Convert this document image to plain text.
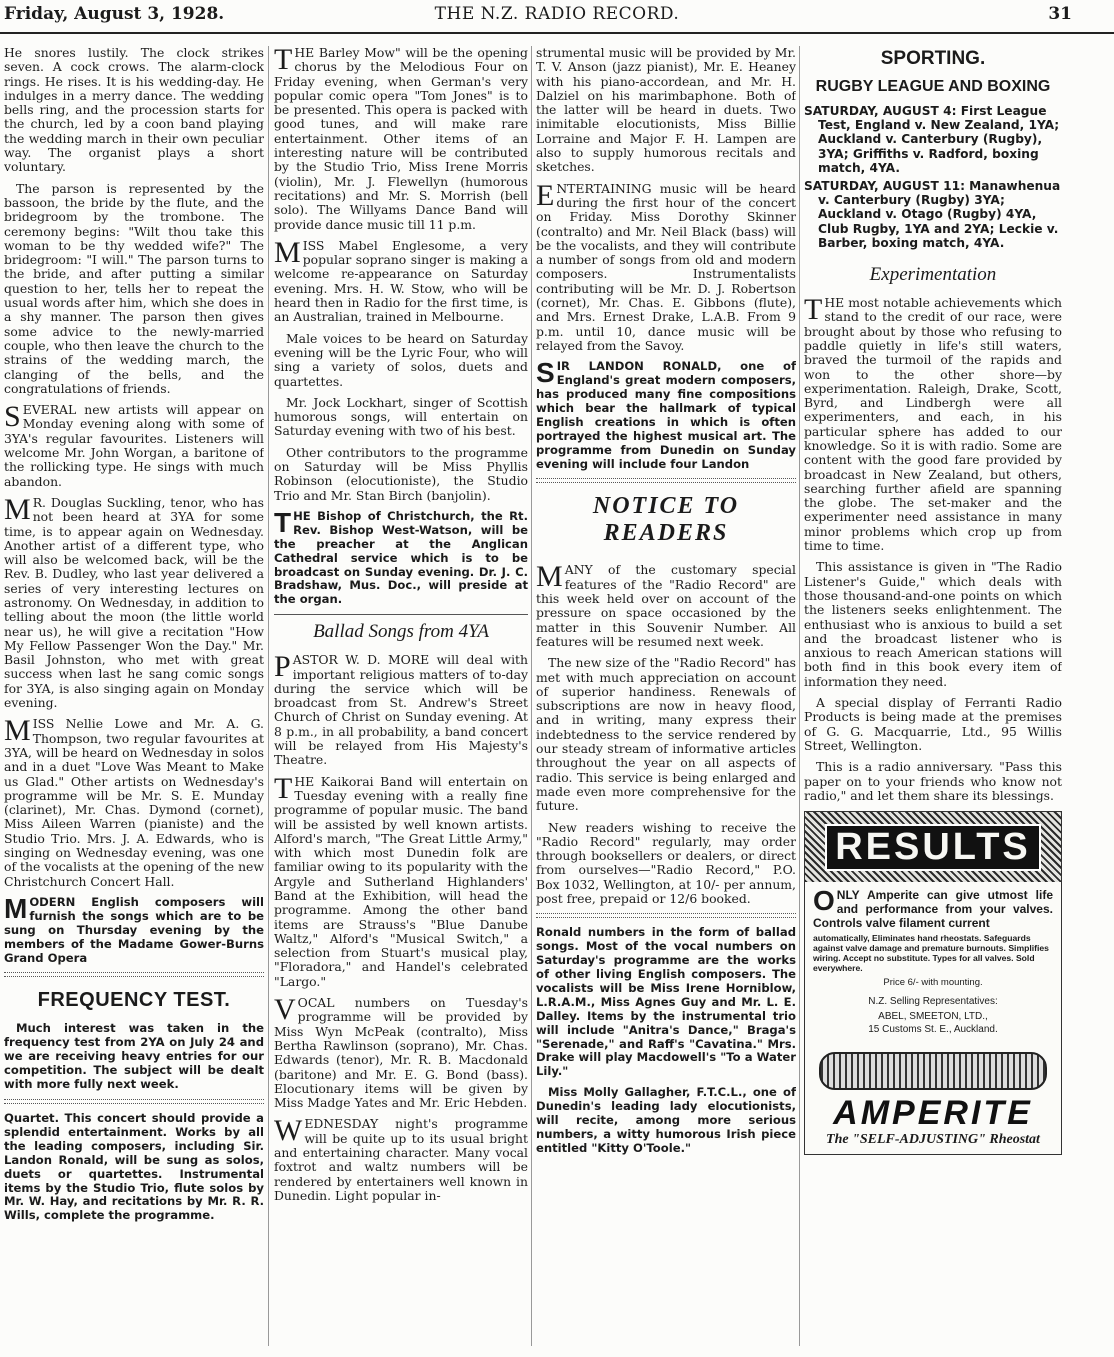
Friday, August 3, 1928.	THE N.Z. RADIO RECORD.	31

He snores lustily. The clock strikes seven. A cock crows. The alarm-clock rings. He rises. It is his wedding-day. He indulges in a merry dance. The wedding bells ring, and the procession starts for the church, led by a coon band playing the wedding march in their own peculiar way. The organist plays a short voluntary.

The parson is represented by the bassoon, the bride by the flute, and the bridegroom by the trombone. The ceremony begins: "Wilt thou take this woman to be thy wedded wife?" The bridegroom: "I will." The parson turns to the bride, and after putting a similar question to her, tells her to repeat the usual words after him, which she does in a shy manner. The parson then gives some advice to the newly-married couple, who then leave the church to the strains of the wedding march, the clanging of the bells, and the congratulations of friends.

SEVERAL new artists will appear on Monday evening along with some of 3YA's regular favourites. Listeners will welcome Mr. John Worgan, a baritone of the rollicking type. He sings with much abandon.

M R. Douglas Suckling, tenor, who has not been heard at 3YA for some time, is to appear again on Wednesday. Another artist of a different type, who will also be welcomed back, will be the Rev. B. Dudley, who last year delivered a series of very interesting lectures on astronomy. On Wednesday, in addition to telling about the moon (the little world near us), he will give a recitation "How My Fellow Passenger Won the Day." Mr. Basil Johnston, who met with great success when last he sang comic songs for 3YA, is also singing again on Monday evening.

MISS Nellie Lowe and Mr. A. G. Thompson, two regular favourites at 3YA, will be heard on Wednesday in solos and in a duet "Love Was Meant to Make us Glad." Other artists on Wednesday's programme will be Mr. S. E. Munday (clarinet), Mr. Chas. Dymond (cornet), Miss Aileen Warren (pianiste) and the Studio Trio. Mrs. J. A. Edwards, who is singing on Wednesday evening, was one of the vocalists at the opening of the new Christchurch Concert Hall.

MODERN English composers will furnish the songs which are to be sung on Thursday evening by the members of the Madame Gower-Burns Grand Opera

FREQUENCY TEST.

Much interest was taken in the frequency test from 2YA on July 24 and we are receiving heavy entries for our competition. The subject will be dealt with more fully next week.

Quartet. This concert should provide a splendid entertainment. Works by all the leading composers, including Sir. Landon Ronald, will be sung as solos, duets or quartettes. Instrumental items by the Studio Trio, flute solos by Mr. W. Hay, and recitations by Mr. R. R. Wills, complete the programme.

THE Barley Mow" will be the opening chorus by the Melodious Four on Friday evening, when German's very popular comic opera "Tom Jones" is to be presented. This opera is packed with good tunes, and will make rare entertainment. Other items of an interesting nature will be contributed by the Studio Trio, Miss Irene Morris (violin), Mr. J. Flewellyn (humorous recitations) and Mr. S. Morrish (bell solo). The Willyams Dance Band will provide dance music till 11 p.m.

MISS Mabel Englesome, a very popular soprano singer is making a welcome re-appearance on Saturday evening. Mrs. H. W. Stow, who will be heard then in Radio for the first time, is an Australian, trained in Melbourne.

Male voices to be heard on Saturday evening will be the Lyric Four, who will sing a variety of solos, duets and quartettes.

Mr. Jock Lockhart, singer of Scottish humorous songs, will entertain on Saturday evening with two of his best.

Other contributors to the programme on Saturday will be Miss Phyllis Robinson (elocutioniste), the Studio Trio and Mr. Stan Birch (banjolin).

THE Bishop of Christchurch, the Rt. Rev. Bishop West-Watson, will be the preacher at the Anglican Cathedral service which is to be broadcast on Sunday evening. Dr. J. C. Bradshaw, Mus. Doc., will preside at the organ.

Ballad Songs from 4YA

PASTOR W. D. MORE will deal with important religious matters of to-day during the service which will be broadcast from St. Andrew's Street Church of Christ on Sunday evening. At 8 p.m., in all probability, a band concert will be relayed from His Majesty's Theatre.

THE Kaikorai Band will entertain on Tuesday evening with a really fine programme of popular music. The band will be assisted by well known artists. Alford's march, "The Great Little Army," with which most Dunedin folk are familiar owing to its popularity with the Argyle and Sutherland Highlanders' Band at the Exhibition, will head the programme. Among the other band items are Strauss's "Blue Danube Waltz," Alford's "Musical Switch," a selection from Stuart's musical play, "Floradora," and Handel's celebrated "Largo."

VOCAL numbers on Tuesday's programme will be provided by Miss Wyn McPeak (contralto), Miss Bertha Rawlinson (soprano), Mr. Chas. Edwards (tenor), Mr. R. B. Macdonald (baritone) and Mr. E. G. Bond (bass). Elocutionary items will be given by Miss Madge Yates and Mr. Eric Hebden.

WEDNESDAY night's programme will be quite up to its usual bright and entertaining character. Many vocal foxtrot and waltz numbers will be rendered by entertainers well known in Dunedin. Light popular in-

strumental music will be provided by Mr. T. V. Anson (jazz pianist), Mr. E. Heaney with his piano-accordean, and Mr. H. Dalziel on his marimbaphone. Both of the latter will be heard in duets. Two inimitable elocutionists, Miss Billie Lorraine and Major F. H. Lampen are also to supply humorous recitals and sketches.

ENTERTAINING music will be heard during the first hour of the concert on Friday. Miss Dorothy Skinner (contralto) and Mr. Neil Black (bass) will be the vocalists, and they will contribute a number of songs from old and modern composers. Instrumentalists contributing will be Mr. D. J. Robertson (cornet), Mr. Chas. E. Gibbons (flute), and Mrs. Ernest Drake, L.A.B. From 9 p.m. until 10, dance music will be relayed from the Savoy.

SIR LANDON RONALD, one of England's great modern composers, has produced many fine compositions which bear the hallmark of typical English creations in which is often portrayed the highest musical art. The programme from Dunedin on Sunday evening will include four Landon

NOTICE TO
READERS

MANY of the customary special features of the "Radio Record" are this week held over on account of the pressure on space occasioned by the matter in this Souvenir Number. All features will be resumed next week.

The new size of the "Radio Record" has met with much appreciation on account of superior handiness. Renewals of subscriptions are now in heavy flood, and in writing, many express their indebtedness to the service rendered by our steady stream of informative articles throughout the year on all aspects of radio. This service is being enlarged and made even more comprehensive for the future.

New readers wishing to receive the "Radio Record" regularly, may order through booksellers or dealers, or direct from ourselves—"Radio Record," P.O. Box 1032, Wellington, at 10/- per annum, post free, prepaid or 12/6 booked.

Ronald numbers in the form of ballad songs. Most of the vocal numbers on Saturday's programme are the works of other living English composers. The vocalists will be Miss Irene Horniblow, L.R.A.M., Miss Agnes Guy and Mr. L. E. Dalley. Items by the instrumental trio will include "Anitra's Dance," Braga's "Serenade," and Raff's "Cavatina." Mrs. Drake will play Macdowell's "To a Water Lily."

Miss Molly Gallagher, F.T.C.L., one of Dunedin's leading lady elocutionists, will recite, among more serious numbers, a witty humorous Irish piece entitled "Kitty O'Toole."

SPORTING.
RUGBY LEAGUE AND BOXING
SATURDAY, AUGUST 4: First League Test, England v. New Zealand, 1YA; Auckland v. Canterbury (Rugby), 3YA; Griffiths v. Radford, boxing match, 4YA.
SATURDAY, AUGUST 11: Manawhenua v. Canterbury (Rugby) 3YA; Auckland v. Otago (Rugby) 4YA, Club Rugby, 1YA and 2YA; Leckie v. Barber, boxing match, 4YA.
Experimentation

THE most notable achievements which stand to the credit of our race, were brought about by those who refusing to paddle quietly in life's still waters, braved the turmoil of the rapids and won to the other shore—by experimentation. Raleigh, Drake, Scott, Byrd, and Lindbergh were all experimenters, and each, in his particular sphere has added to our knowledge. So it is with radio. Some are content with the good fare provided by broadcast in New Zealand, but others, searching further afield are spanning the globe. The set-maker and the experimenter need assistance in many minor problems which crop up from time to time.

This assistance is given in "The Radio Listener's Guide," which deals with those thousand-and-one points on which the listeners seeks enlightenment. The enthusiast who is anxious to build a set and the broadcast listener who is anxious to reach American stations will both find in this book every item of information they need.

A special display of Ferranti Radio Products is being made at the premises of G. G. Macquarrie, Ltd., 95 Willis Street, Wellington.

This is a radio anniversary. "Pass this paper on to your friends who know not radio," and let them share its blessings.

RESULTS

ONLY Amperite can give utmost life and performance from your valves. Controls valve filament current

automatically, Eliminates hand rheostats. Safeguards against valve damage and premature burnouts. Simplifies wiring. Accept no substitute. Types for all valves. Sold everywhere.
Price 6/- with mounting.
N.Z. Selling Representatives:
ABEL, SMEETON, LTD.,
15 Customs St. E., Auckland.
AMPERITE
The "SELF-ADJUSTING" Rheostat
